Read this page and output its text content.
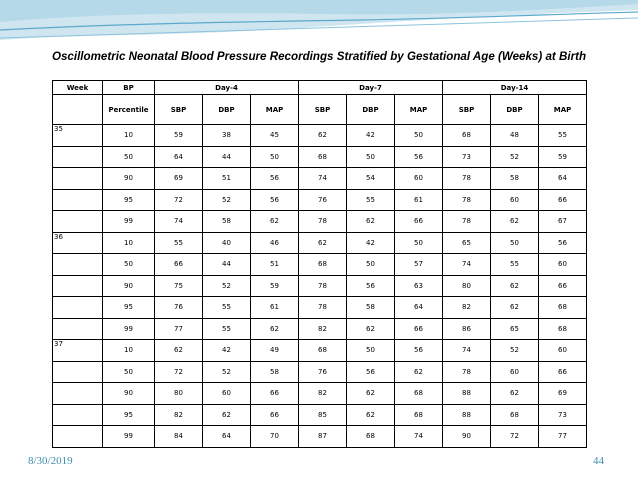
Oscillometric Neonatal Blood Pressure Recordings Stratified by Gestational Age (Weeks) at Birth
Week	BP	Day-4			Day-7			Day-14		
	Percentile	SBP	DBP	MAP	SBP	DBP	MAP	SBP	DBP	MAP
35	10	59	38	45	62	42	50	68	48	55
	50	64	44	50	68	50	56	73	52	59
	90	69	51	56	74	54	60	78	58	64
	95	72	52	56	76	55	61	78	60	66
	99	74	58	62	78	62	66	78	62	67
36	10	55	40	46	62	42	50	65	50	56
	50	66	44	51	68	50	57	74	55	60
	90	75	52	59	78	56	63	80	62	66
	95	76	55	61	78	58	64	82	62	68
	99	77	55	62	82	62	66	86	65	68
37	10	62	42	49	68	50	56	74	52	60
	50	72	52	58	76	56	62	78	60	66
	90	80	60	66	82	62	68	88	62	69
	95	82	62	66	85	62	68	88	68	73
	99	84	64	70	87	68	74	90	72	77
8/30/2019	44
